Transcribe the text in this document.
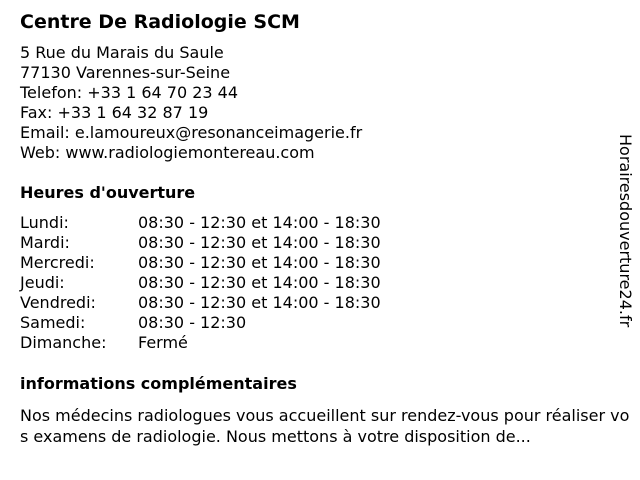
Centre De Radiologie SCM
5 Rue du Marais du Saule
77130 Varennes-sur-Seine
Telefon: +33 1 64 70 23 44
Fax: +33 1 64 32 87 19
Email: e.lamoureux@resonanceimagerie.fr
Web: www.radiologiemontereau.com
Heures d'ouverture
Lundi:	08:30 - 12:30 et 14:00 - 18:30
Mardi:	08:30 - 12:30 et 14:00 - 18:30
Mercredi:	08:30 - 12:30 et 14:00 - 18:30
Jeudi:	08:30 - 12:30 et 14:00 - 18:30
Vendredi:	08:30 - 12:30 et 14:00 - 18:30
Samedi:	08:30 - 12:30
Dimanche:	Fermé
informations complémentaires
Nos médecins radiologues vous accueillent sur rendez-vous pour réaliser vos examens de radiologie. Nous mettons à votre disposition de...
Horairesdouverture24.fr
